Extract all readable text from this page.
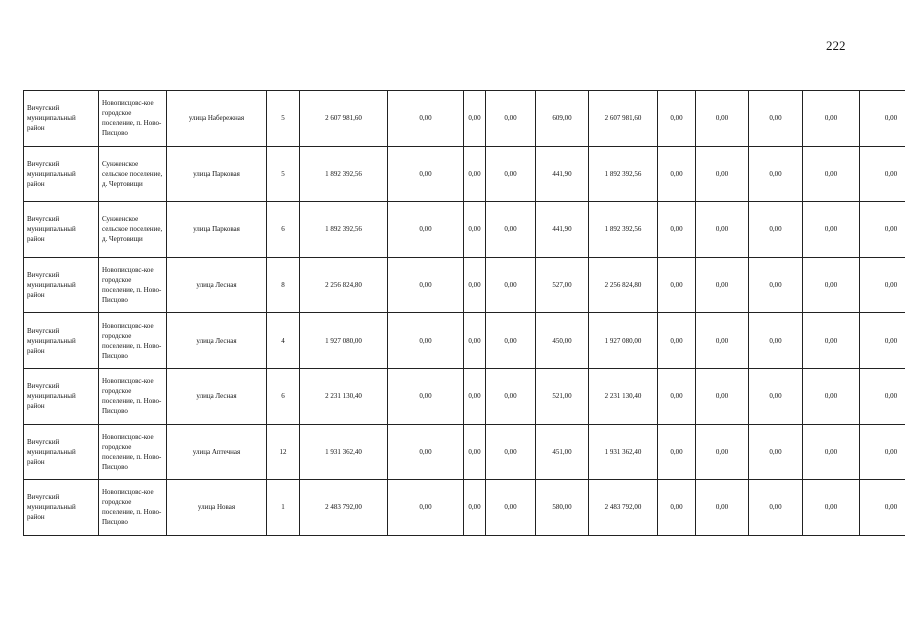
222
Вичугский муниципальный район	Новописцовс-кое городское поселение, п. Ново-Писцово	улица Набережная	5	2 607 981,60	0,00	0,00	0,00	609,00	2 607 981,60	0,00	0,00	0,00	0,00	0,00
Вичугский муниципальный район	Сунженское сельское поселение, д. Чертовищи	улица Парковая	5	1 892 392,56	0,00	0,00	0,00	441,90	1 892 392,56	0,00	0,00	0,00	0,00	0,00
Вичугский муниципальный район	Сунженское сельское поселение, д. Чертовищи	улица Парковая	6	1 892 392,56	0,00	0,00	0,00	441,90	1 892 392,56	0,00	0,00	0,00	0,00	0,00
Вичугский муниципальный район	Новописцовс-кое городское поселение, п. Ново-Писцово	улица Лесная	8	2 256 824,80	0,00	0,00	0,00	527,00	2 256 824,80	0,00	0,00	0,00	0,00	0,00
Вичугский муниципальный район	Новописцовс-кое городское поселение, п. Ново-Писцово	улица Лесная	4	1 927 080,00	0,00	0,00	0,00	450,00	1 927 080,00	0,00	0,00	0,00	0,00	0,00
Вичугский муниципальный район	Новописцовс-кое городское поселение, п. Ново-Писцово	улица Лесная	6	2 231 130,40	0,00	0,00	0,00	521,00	2 231 130,40	0,00	0,00	0,00	0,00	0,00
Вичугский муниципальный район	Новописцовс-кое городское поселение, п. Ново-Писцово	улица Аптечная	12	1 931 362,40	0,00	0,00	0,00	451,00	1 931 362,40	0,00	0,00	0,00	0,00	0,00
Вичугский муниципальный район	Новописцовс-кое городское поселение, п. Ново-Писцово	улица Новая	1	2 483 792,00	0,00	0,00	0,00	580,00	2 483 792,00	0,00	0,00	0,00	0,00	0,00
